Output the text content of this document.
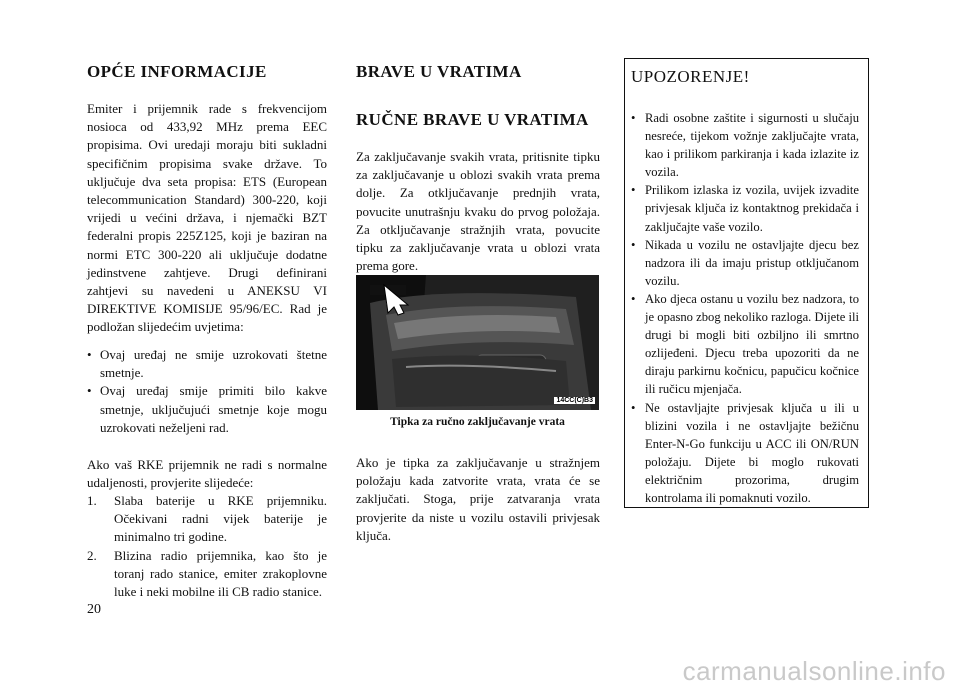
OPĆE INFORMACIJE

Emiter i prijemnik rade s frekvencijom nosioca od 433,92 MHz prema EEC propisima. Ovi uredaji moraju biti sukladni specifičnim propisima svake države. To uključuje dva seta propisa: ETS (European telecommunication Standard) 300-220, koji vrijedi u većini država, i njemački BZT federalni propis 225Z125, koji je baziran na normi ETC 300-220 ali uključuje dodatne jedinstvene zahtjeve. Drugi definirani zahtjevi su navedeni u ANEKSU VI DIREKTIVE KOMISIJE 95/96/EC. Rad je podložan slijedećim uvjetima:

• Ovaj uređaj ne smije uzrokovati štetne smetnje.
• Ovaj uređaj smije primiti bilo kakve smetnje, uključujući smetnje koje mogu uzrokovati neželjeni rad.

Ako vaš RKE prijemnik ne radi s normalne udaljenosti, provjerite slijedeće:

1. Slaba baterije u RKE prijemniku. Očekivani radni vijek baterije je minimalno tri godine.
2. Blizina radio prijemnika, kao što je toranj rado stanice, emiter zrakoplovne luke i neki mobilne ili CB radio stanice.
BRAVE U VRATIMA
RUČNE BRAVE U VRATIMA

Za zaključavanje svakih vrata, pritisnite tipku za zaključavanje u oblozi svakih vrata prema dolje. Za otključavanje prednjih vrata, povucite unutrašnju kvaku do prvog položaja. Za otključavanje stražnjih vrata, povucite tipku za zaključavanje vrata u oblozi vrata prema gore.

14CC(C)B3

Tipka za ručno zaključavanje vrata

Ako je tipka za zaključavanje u stražnjem položaju kada zatvorite vrata, vrata će se zaključati. Stoga, prije zatvaranja vrata provjerite da niste u vozilu ostavili privjesak ključa.

UPOZORENJE!
• Radi osobne zaštite i sigurnosti u slučaju nesreće, tijekom vožnje zaključajte vrata, kao i prilikom parkiranja i kada izlazite iz vozila.
• Prilikom izlaska iz vozila, uvijek izvadite privjesak ključa iz kontaktnog prekidača i zaključajte vaše vozilo.
• Nikada u vozilu ne ostavljajte djecu bez nadzora ili da imaju pristup otključanom vozilu.
• Ako djeca ostanu u vozilu bez nadzora, to je opasno zbog nekoliko razloga. Dijete ili drugi bi mogli biti ozbiljno ili smrtno ozlijeđeni. Djecu treba upozoriti da ne diraju parkirnu kočnicu, papučicu kočnice ili ručicu mjenjača.
• Ne ostavljajte privjesak ključa u ili u blizini vozila i ne ostavljajte bežičnu Enter-N-Go funkciju u ACC ili ON/RUN položaju. Dijete bi moglo rukovati električnim prozorima, drugim kontrolama ili pomaknuti vozilo.

20

carmanualsonline.info
